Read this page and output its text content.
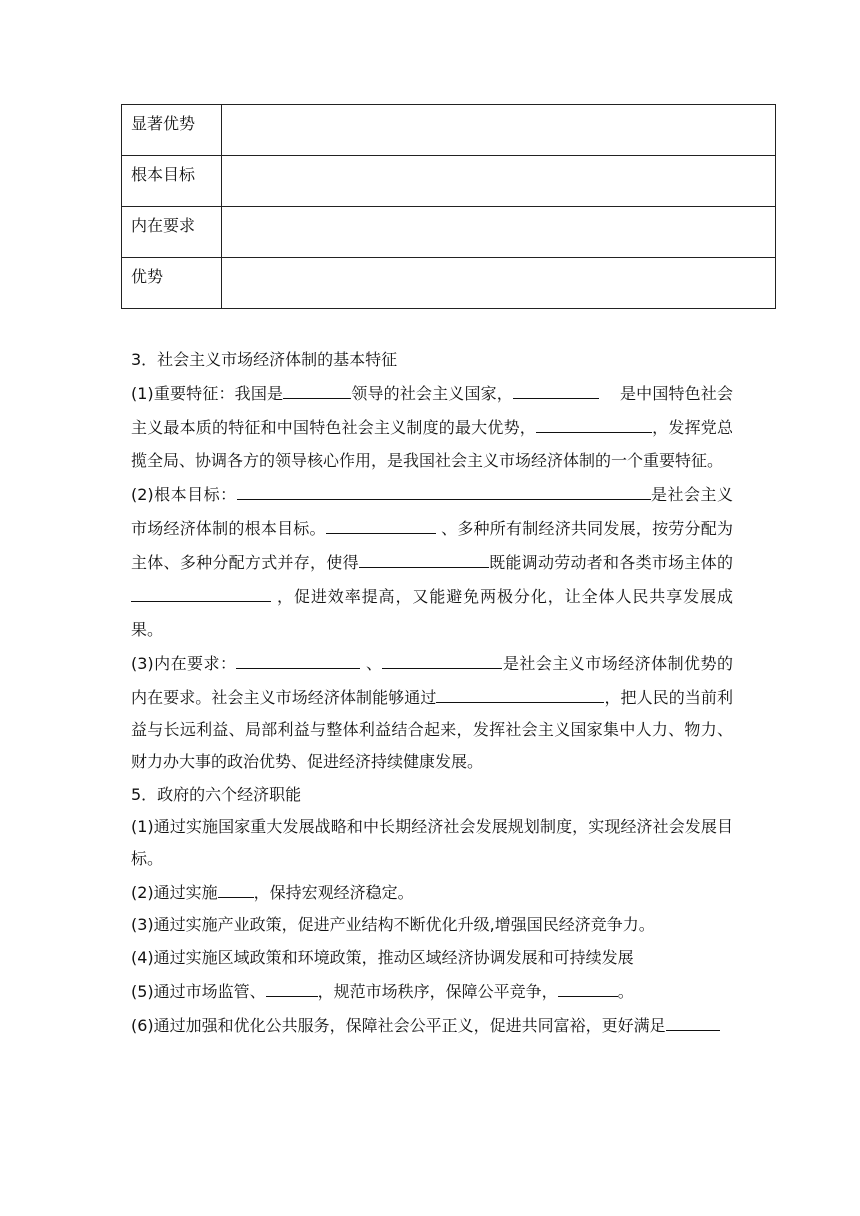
显著优势	
根本目标	
内在要求	
优势	

3．社会主义市场经济体制的基本特征

(1)重要特征：我国是	领导的社会主义国家，	是中国特色社会主义最本质的特征和中国特色社会主义制度的最大优势，	，发挥党总揽全局、协调各方的领导核心作用，是我国社会主义市场经济体制的一个重要特征。

(2)根本目标：	是社会主义市场经济体制的根本目标。	、多种所有制经济共同发展，按劳分配为主体、多种分配方式并存，使得	既能调动劳动者和各类市场主体的 ，促进效率提高，又能避免两极分化，让全体人民共享发展成果。

(3)内在要求：	、	是社会主义市场经济体制优势的内在要求。社会主义市场经济体制能够通过	，把人民的当前利益与长远利益、局部利益与整体利益结合起来，发挥社会主义国家集中人力、物力、财力办大事的政治优势、促进经济持续健康发展。

5．政府的六个经济职能

(1)通过实施国家重大发展战略和中长期经济社会发展规划制度，实现经济社会发展目标。

(2)通过实施 ，保持宏观经济稳定。

(3)通过实施产业政策，促进产业结构不断优化升级,增强国民经济竞争力。

(4)通过实施区域政策和环境政策，推动区域经济协调发展和可持续发展

(5)通过市场监管、	，规范市场秩序，保障公平竞争，	。

(6)通过加强和优化公共服务，保障社会公平正义，促进共同富裕，更好满足
